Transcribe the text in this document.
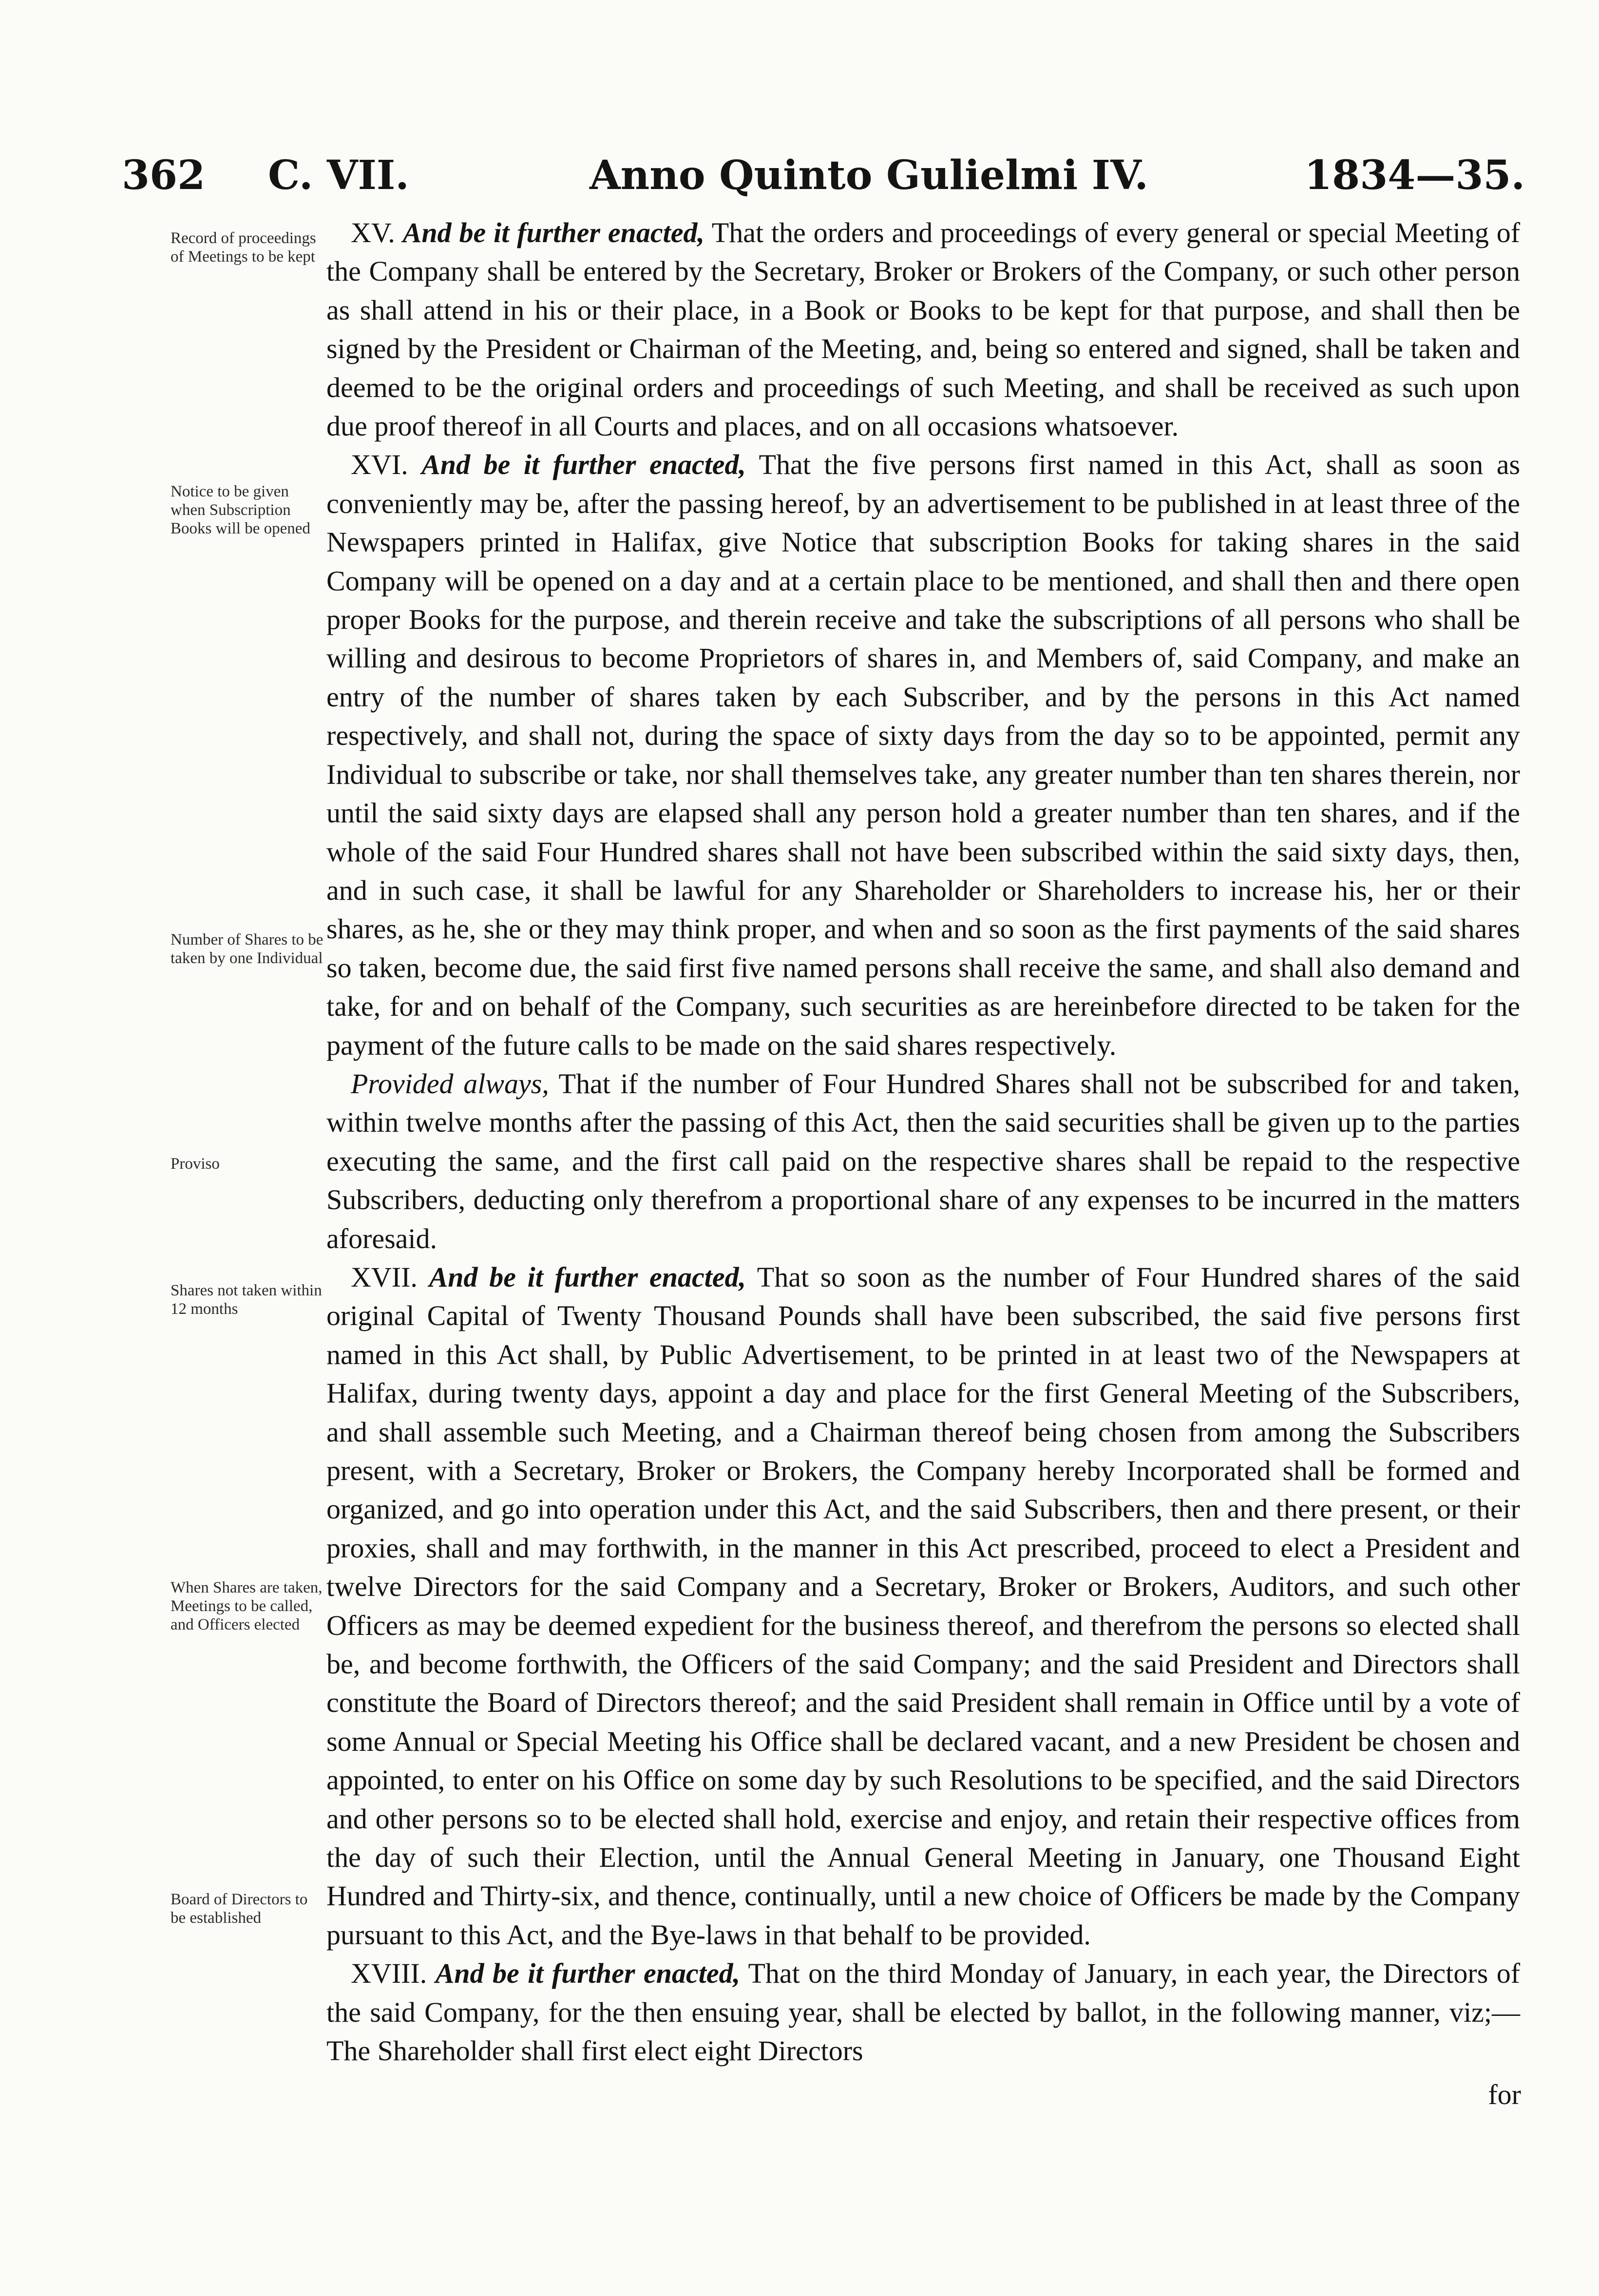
362 C. VII.	Anno Quinto Gulielmi IV.	1834—35.
Record of proceedings of Meetings to be kept
Notice to be given when Subscription Books will be opened
Number of Shares to be taken by one Individual
Proviso
Shares not taken within 12 months
When Shares are taken, Meetings to be called, and Officers elected
Board of Directors to be established

XV. And be it further enacted, That the orders and proceedings of every general or special Meeting of the Company shall be entered by the Secretary, Broker or Brokers of the Company, or such other person as shall attend in his or their place, in a Book or Books to be kept for that purpose, and shall then be signed by the President or Chairman of the Meeting, and, being so entered and signed, shall be taken and deemed to be the original orders and proceedings of such Meeting, and shall be received as such upon due proof thereof in all Courts and places, and on all occasions whatsoever.

XVI. And be it further enacted, That the five persons first named in this Act, shall as soon as conveniently may be, after the passing hereof, by an advertisement to be published in at least three of the Newspapers printed in Halifax, give Notice that subscription Books for taking shares in the said Company will be opened on a day and at a certain place to be mentioned, and shall then and there open proper Books for the purpose, and therein receive and take the subscriptions of all persons who shall be willing and desirous to become Proprietors of shares in, and Members of, said Company, and make an entry of the number of shares taken by each Subscriber, and by the persons in this Act named respectively, and shall not, during the space of sixty days from the day so to be appointed, permit any Individual to subscribe or take, nor shall themselves take, any greater number than ten shares therein, nor until the said sixty days are elapsed shall any person hold a greater number than ten shares, and if the whole of the said Four Hundred shares shall not have been subscribed within the said sixty days, then, and in such case, it shall be lawful for any Shareholder or Shareholders to increase his, her or their shares, as he, she or they may think proper, and when and so soon as the first payments of the said shares so taken, become due, the said first five named persons shall receive the same, and shall also demand and take, for and on behalf of the Company, such securities as are hereinbefore directed to be taken for the payment of the future calls to be made on the said shares respectively.

Provided always, That if the number of Four Hundred Shares shall not be subscribed for and taken, within twelve months after the passing of this Act, then the said securities shall be given up to the parties executing the same, and the first call paid on the respective shares shall be repaid to the respective Subscribers, deducting only therefrom a proportional share of any expenses to be incurred in the matters aforesaid.

XVII. And be it further enacted, That so soon as the number of Four Hundred shares of the said original Capital of Twenty Thousand Pounds shall have been subscribed, the said five persons first named in this Act shall, by Public Advertisement, to be printed in at least two of the Newspapers at Halifax, during twenty days, appoint a day and place for the first General Meeting of the Subscribers, and shall assemble such Meeting, and a Chairman thereof being chosen from among the Subscribers present, with a Secretary, Broker or Brokers, the Company hereby Incorporated shall be formed and organized, and go into operation under this Act, and the said Subscribers, then and there present, or their proxies, shall and may forthwith, in the manner in this Act prescribed, proceed to elect a President and twelve Directors for the said Company and a Secretary, Broker or Brokers, Auditors, and such other Officers as may be deemed expedient for the business thereof, and therefrom the persons so elected shall be, and become forthwith, the Officers of the said Company; and the said President and Directors shall constitute the Board of Directors thereof; and the said President shall remain in Office until by a vote of some Annual or Special Meeting his Office shall be declared vacant, and a new President be chosen and appointed, to enter on his Office on some day by such Resolutions to be specified, and the said Directors and other persons so to be elected shall hold, exercise and enjoy, and retain their respective offices from the day of such their Election, until the Annual General Meeting in January, one Thousand Eight Hundred and Thirty-six, and thence, continually, until a new choice of Officers be made by the Company pursuant to this Act, and the Bye-laws in that behalf to be provided.

XVIII. And be it further enacted, That on the third Monday of January, in each year, the Directors of the said Company, for the then ensuing year, shall be elected by ballot, in the following manner, viz;—The Shareholder shall first elect eight Directors

for
